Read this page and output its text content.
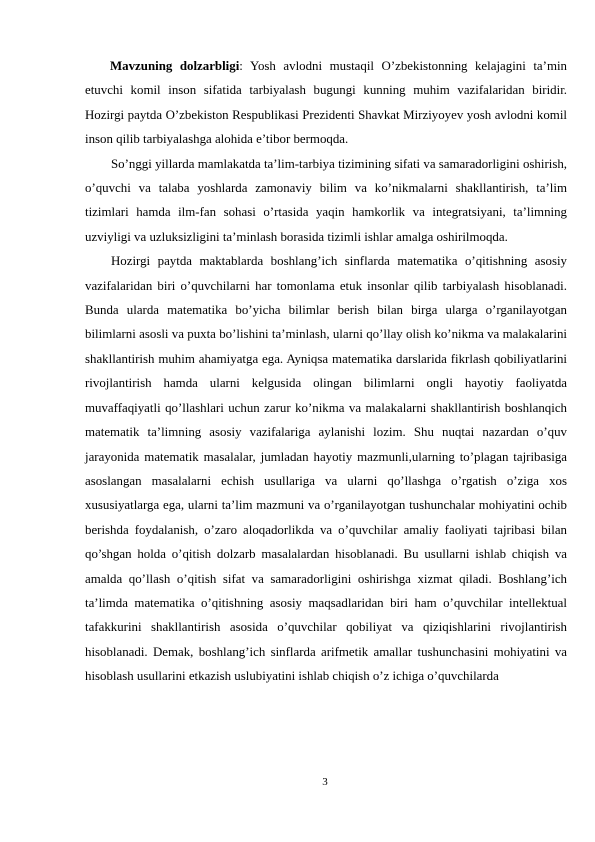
Mavzuning dolzarbligi: Yosh avlodni mustaqil O’zbekistonning kelajagini ta’min etuvchi komil inson sifatida tarbiyalash bugungi kunning muhim vazifalaridan biridir. Hozirgi paytda O’zbekiston Respublikasi Prezidenti Shavkat Mirziyoyev yosh avlodni komil inson qilib tarbiyalashga alohida e’tibor bermoqda.

So’nggi yillarda mamlakatda ta’lim-tarbiya tizimining sifati va samaradorligini oshirish, o’quvchi va talaba yoshlarda zamonaviy bilim va ko’nikmalarni shakllantirish, ta’lim tizimlari hamda ilm-fan sohasi o’rtasida yaqin hamkorlik va integratsiyani, ta’limning uzviyligi va uzluksizligini ta’minlash borasida tizimli ishlar amalga oshirilmoqda.

Hozirgi paytda maktablarda boshlang’ich sinflarda matematika o’qitishning asosiy vazifalaridan biri o’quvchilarni har tomonlama etuk insonlar qilib tarbiyalash hisoblanadi. Bunda ularda matematika bo’yicha bilimlar berish bilan birga ularga o’rganilayotgan bilimlarni asosli va puxta bo’lishini ta’minlash, ularni qo’llay olish ko’nikma va malakalarini shakllantirish muhim ahamiyatga ega. Ayniqsa matematika darslarida fikrlash qobiliyatlarini rivojlantirish hamda ularni kelgusida olingan bilimlarni ongli hayotiy faoliyatda muvaffaqiyatli qo’llashlari uchun zarur ko’nikma va malakalarni shakllantirish boshlanqich matematik ta’limning asosiy vazifalariga aylanishi lozim. Shu nuqtai nazardan o’quv jarayonida matematik masalalar, jumladan hayotiy mazmunli,ularning to’plagan tajribasiga asoslangan masalalarni echish usullariga va ularni qo’llashga o’rgatish o’ziga xos xususiyatlarga ega, ularni ta’lim mazmuni va o’rganilayotgan tushunchalar mohiyatini ochib berishda foydalanish, o’zaro aloqadorlikda va o’quvchilar amaliy faoliyati tajribasi bilan qo’shgan holda o’qitish dolzarb masalalardan hisoblanadi. Bu usullarni ishlab chiqish va amalda qo’llash o’qitish sifat va samaradorligini oshirishga xizmat qiladi. Boshlang’ich ta’limda matematika o’qitishning asosiy maqsadlaridan biri ham o’quvchilar intellektual tafakkurini shakllantirish asosida o’quvchilar qobiliyat va qiziqishlarini rivojlantirish hisoblanadi. Demak, boshlang’ich sinflarda arifmetik amallar tushunchasini mohiyatini va hisoblash usullarini etkazish uslubiyatini ishlab chiqish o’z ichiga o’quvchilarda

3
